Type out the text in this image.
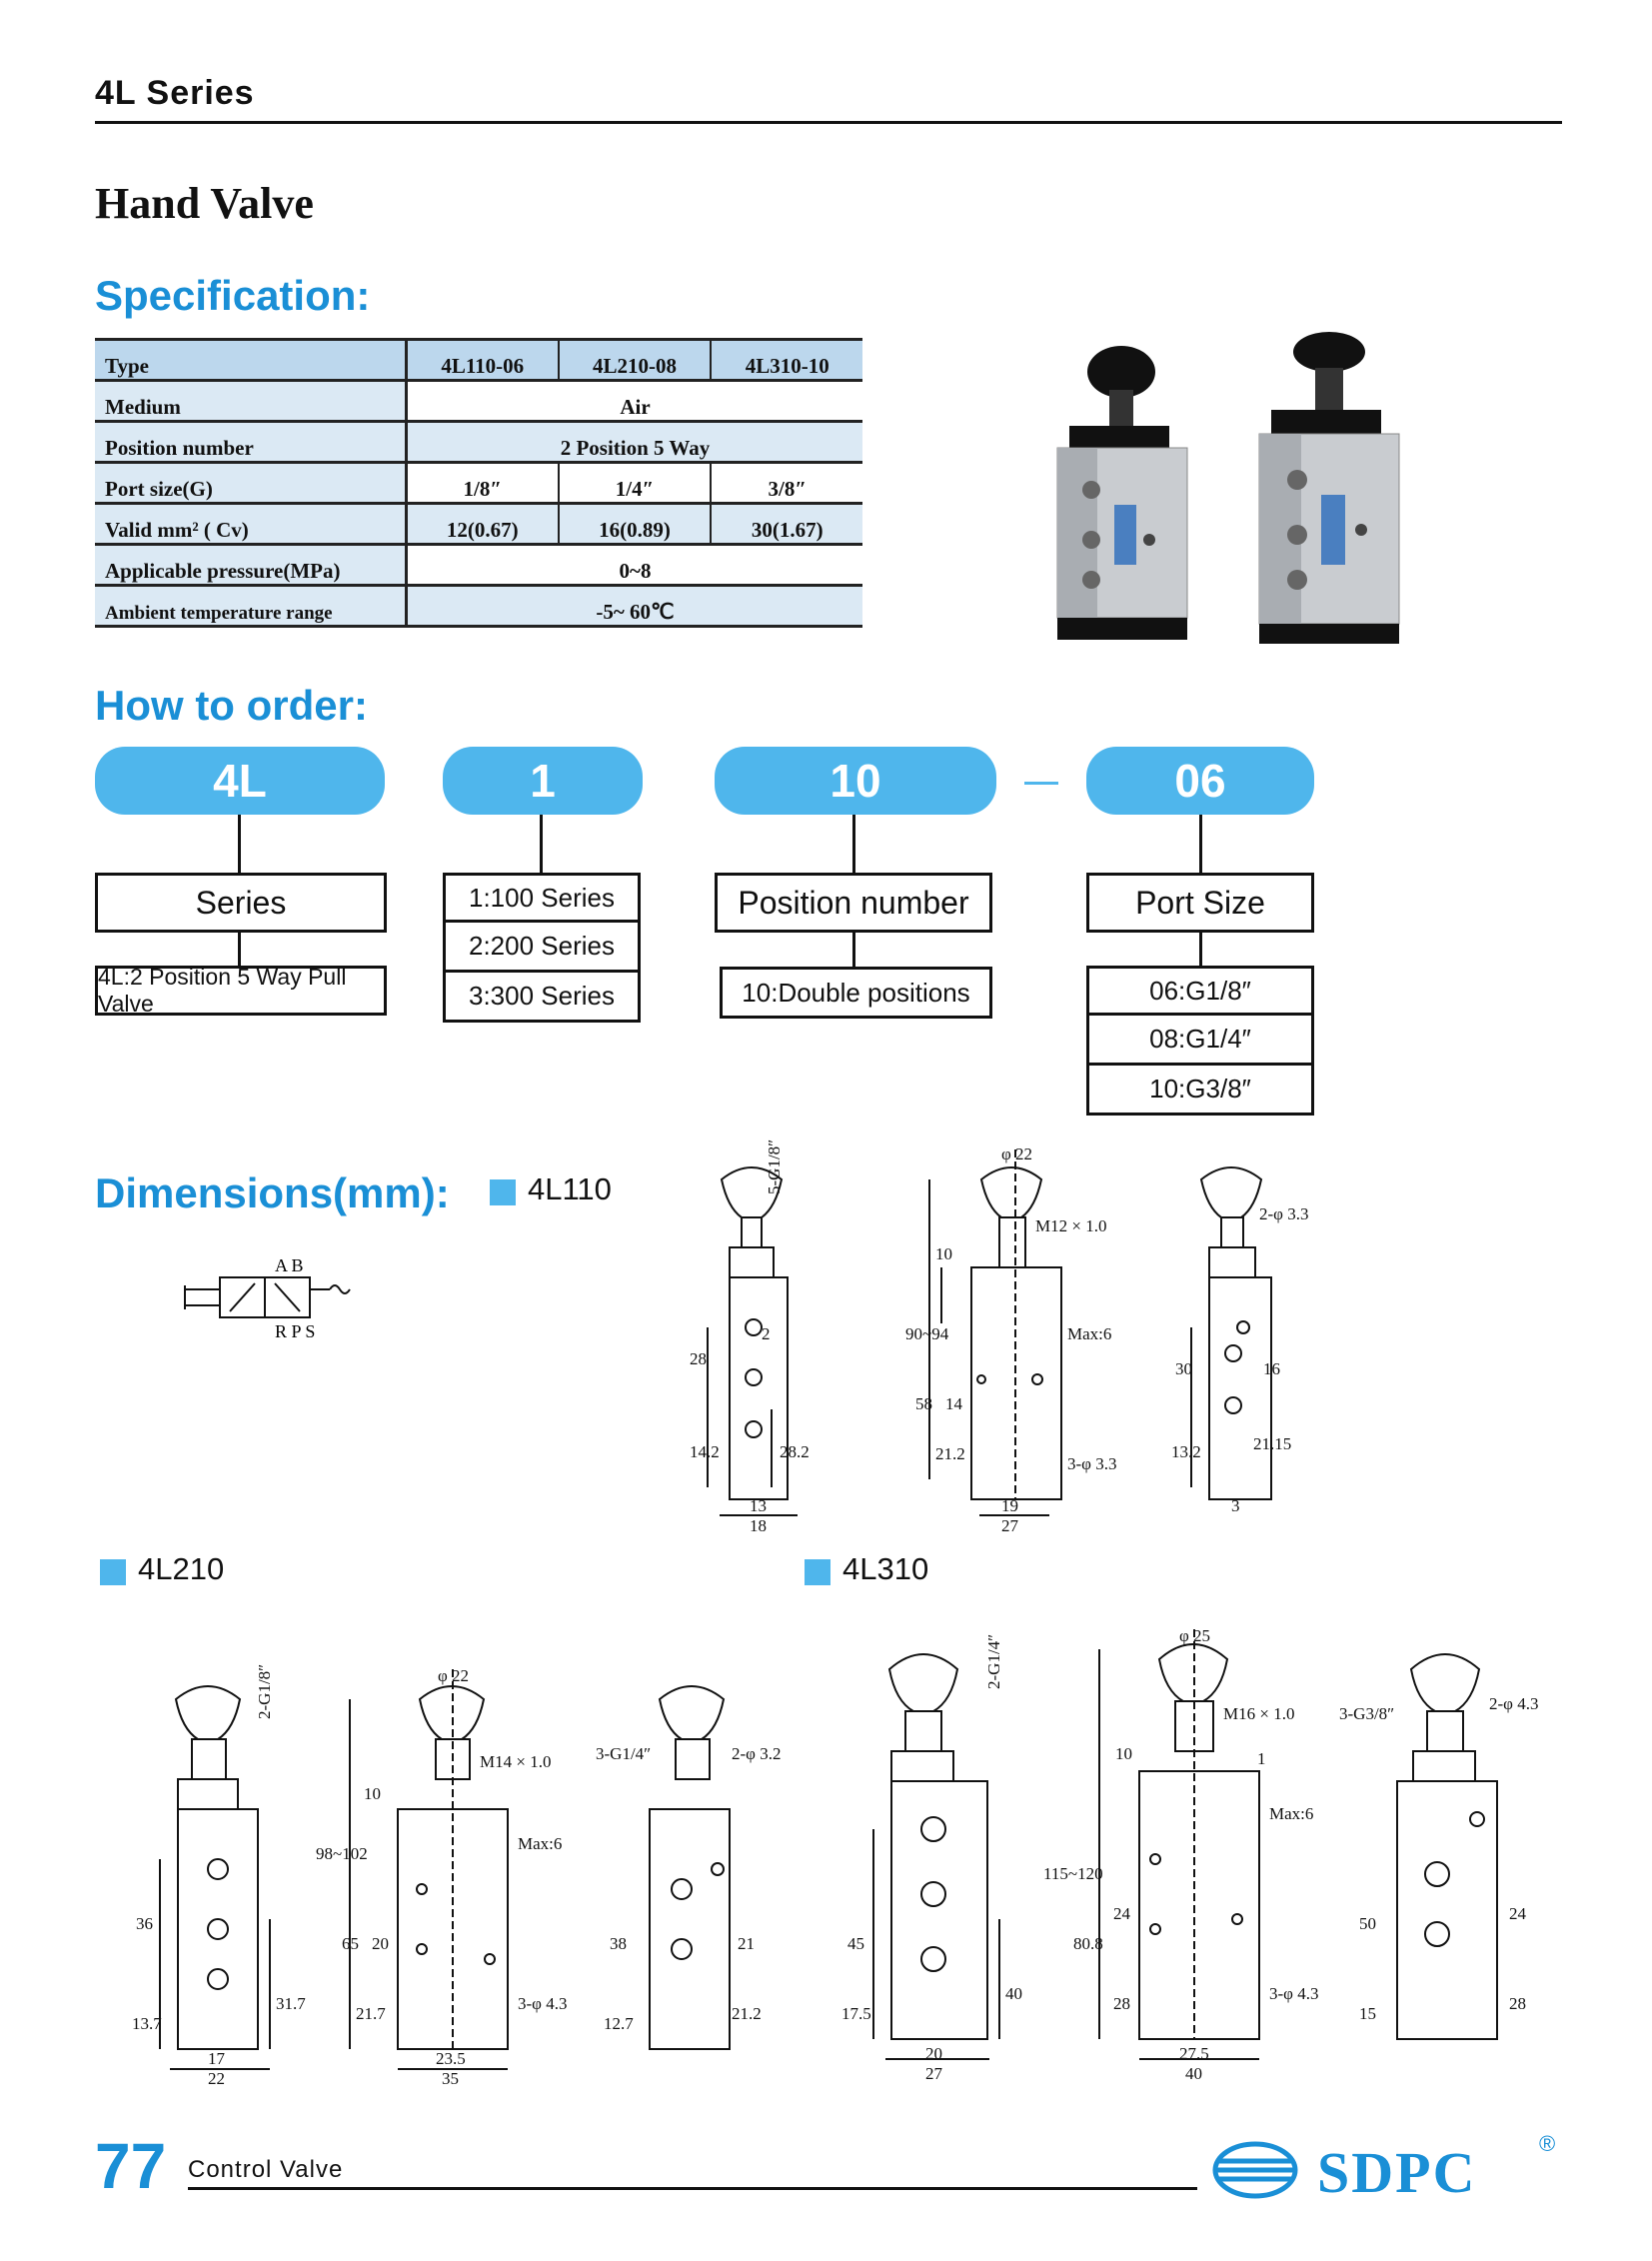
4L Series
Hand Valve
Specification:
Type	4L110-06	4L210-08	4L310-10
Medium	Air		
Position number	2 Position 5 Way		
Port size(G)	1/8″	1/4″	3/8″
Valid mm² ( Cv)	12(0.67)	16(0.89)	30(1.67)
Applicable pressure(MPa)	0~8		
Ambient temperature range	-5~ 60℃		
How to order:
4L	1	10	06
Series
4L:2 Position 5 Way Pull Valve
1:100 Series
2:200 Series
3:300 Series
Position number
10:Double positions
Port Size
06:G1/8″
08:G1/4″
10:G3/8″
Dimensions(mm):	4L110
4L210	4L310
A B
R P S
5-G1/8″
28
14.2	28.2
13
18
2
φ 22
M12 × 1.0
10
90~94
58 14
21.2
Max:6
3-φ 3.3
19
27
2-φ 3.3
30
13.2
16
21.15
3
2-G1/8″
36
13.7
31.7
17
22
φ 22
M14 × 1.0
10
98~102
65 20
21.7
Max:6
3-φ 4.3
23.5
35
3-G1/4″	2-φ 3.2
38
12.7
21
21.2
2-G1/4″
45
17.5
40
20
27
φ 25
M16 × 1.0
10
115~120
80.8
24
28
Max:6
3-φ 4.3
27.5
40
1
3-G3/8″
2-φ 4.3
50
15
24
28
77 Control Valve	SDPC	®
